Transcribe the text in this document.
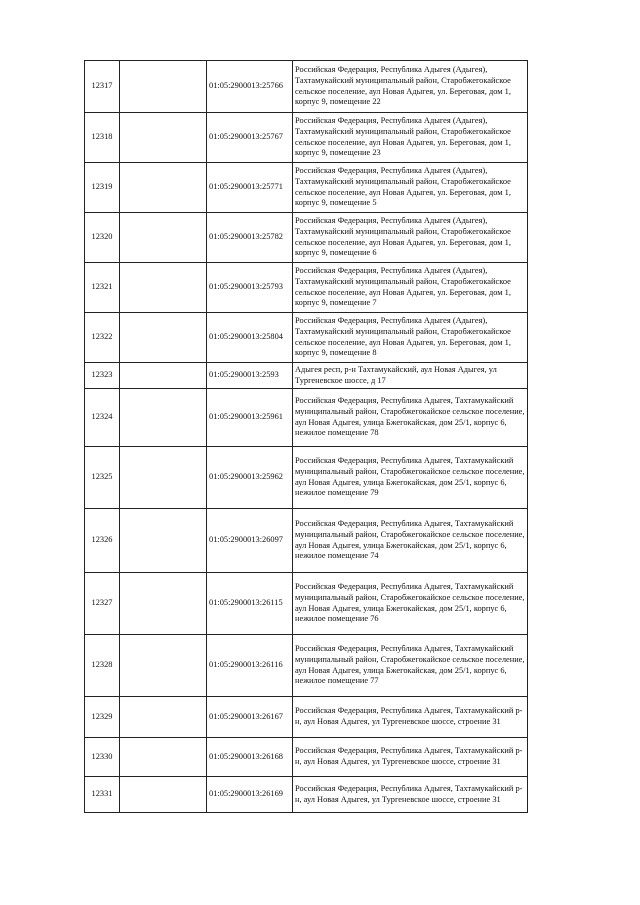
12317		01:05:2900013:25766	Российская Федерация, Республика Адыгея (Адыгея), Тахтамукайский муниципальный район, Старобжегокайское сельское поселение, аул Новая Адыгея, ул. Береговая, дом 1, корпус 9, помещение 22
12318		01:05:2900013:25767	Российская Федерация, Республика Адыгея (Адыгея), Тахтамукайский муниципальный район, Старобжегокайское сельское поселение, аул Новая Адыгея, ул. Береговая, дом 1, корпус 9, помещение 23
12319		01:05:2900013:25771	Российская Федерация, Республика Адыгея (Адыгея), Тахтамукайский муниципальный район, Старобжегокайское сельское поселение, аул Новая Адыгея, ул. Береговая, дом 1, корпус 9, помещение 5
12320		01:05:2900013:25782	Российская Федерация, Республика Адыгея (Адыгея), Тахтамукайский муниципальный район, Старобжегокайское сельское поселение, аул Новая Адыгея, ул. Береговая, дом 1, корпус 9, помещение 6
12321		01:05:2900013:25793	Российская Федерация, Республика Адыгея (Адыгея), Тахтамукайский муниципальный район, Старобжегокайское сельское поселение, аул Новая Адыгея, ул. Береговая, дом 1, корпус 9, помещение 7
12322		01:05:2900013:25804	Российская Федерация, Республика Адыгея (Адыгея), Тахтамукайский муниципальный район, Старобжегокайское сельское поселение, аул Новая Адыгея, ул. Береговая, дом 1, корпус 9, помещение 8
12323		01:05:2900013:2593	Адыгея респ, р-н Тахтамукайский, аул Новая Адыгея, ул Тургеневское шоссе, д 17
12324		01:05:2900013:25961	Российская Федерация, Республика Адыгея, Тахтамукайский муниципальный район, Старобжегокайское сельское поселение, аул Новая Адыгея, улица Бжегокайская, дом 25/1, корпус 6, нежилое помещение 78
12325		01:05:2900013:25962	Российская Федерация, Республика Адыгея, Тахтамукайский муниципальный район, Старобжегокайское сельское поселение, аул Новая Адыгея, улица Бжегокайская, дом 25/1, корпус 6, нежилое помещение 79
12326		01:05:2900013:26097	Российская Федерация, Республика Адыгея, Тахтамукайский муниципальный район, Старобжегокайское сельское поселение, аул Новая Адыгея, улица Бжегокайская, дом 25/1, корпус 6, нежилое помещение 74
12327		01:05:2900013:26115	Российская Федерация, Республика Адыгея, Тахтамукайский муниципальный район, Старобжегокайское сельское поселение, аул Новая Адыгея, улица Бжегокайская, дом 25/1, корпус 6, нежилое помещение 76
12328		01:05:2900013:26116	Российская Федерация, Республика Адыгея, Тахтамукайский муниципальный район, Старобжегокайское сельское поселение, аул Новая Адыгея, улица Бжегокайская, дом 25/1, корпус 6, нежилое помещение 77
12329		01:05:2900013:26167	Российская Федерация, Республика Адыгея, Тахтамукайский р-н, аул Новая Адыгея, ул Тургеневское шоссе, строение 31
12330		01:05:2900013:26168	Российская Федерация, Республика Адыгея, Тахтамукайский р-н, аул Новая Адыгея, ул Тургеневское шоссе, строение 31
12331		01:05:2900013:26169	Российская Федерация, Республика Адыгея, Тахтамукайский р-н, аул Новая Адыгея, ул Тургеневское шоссе, строение 31
